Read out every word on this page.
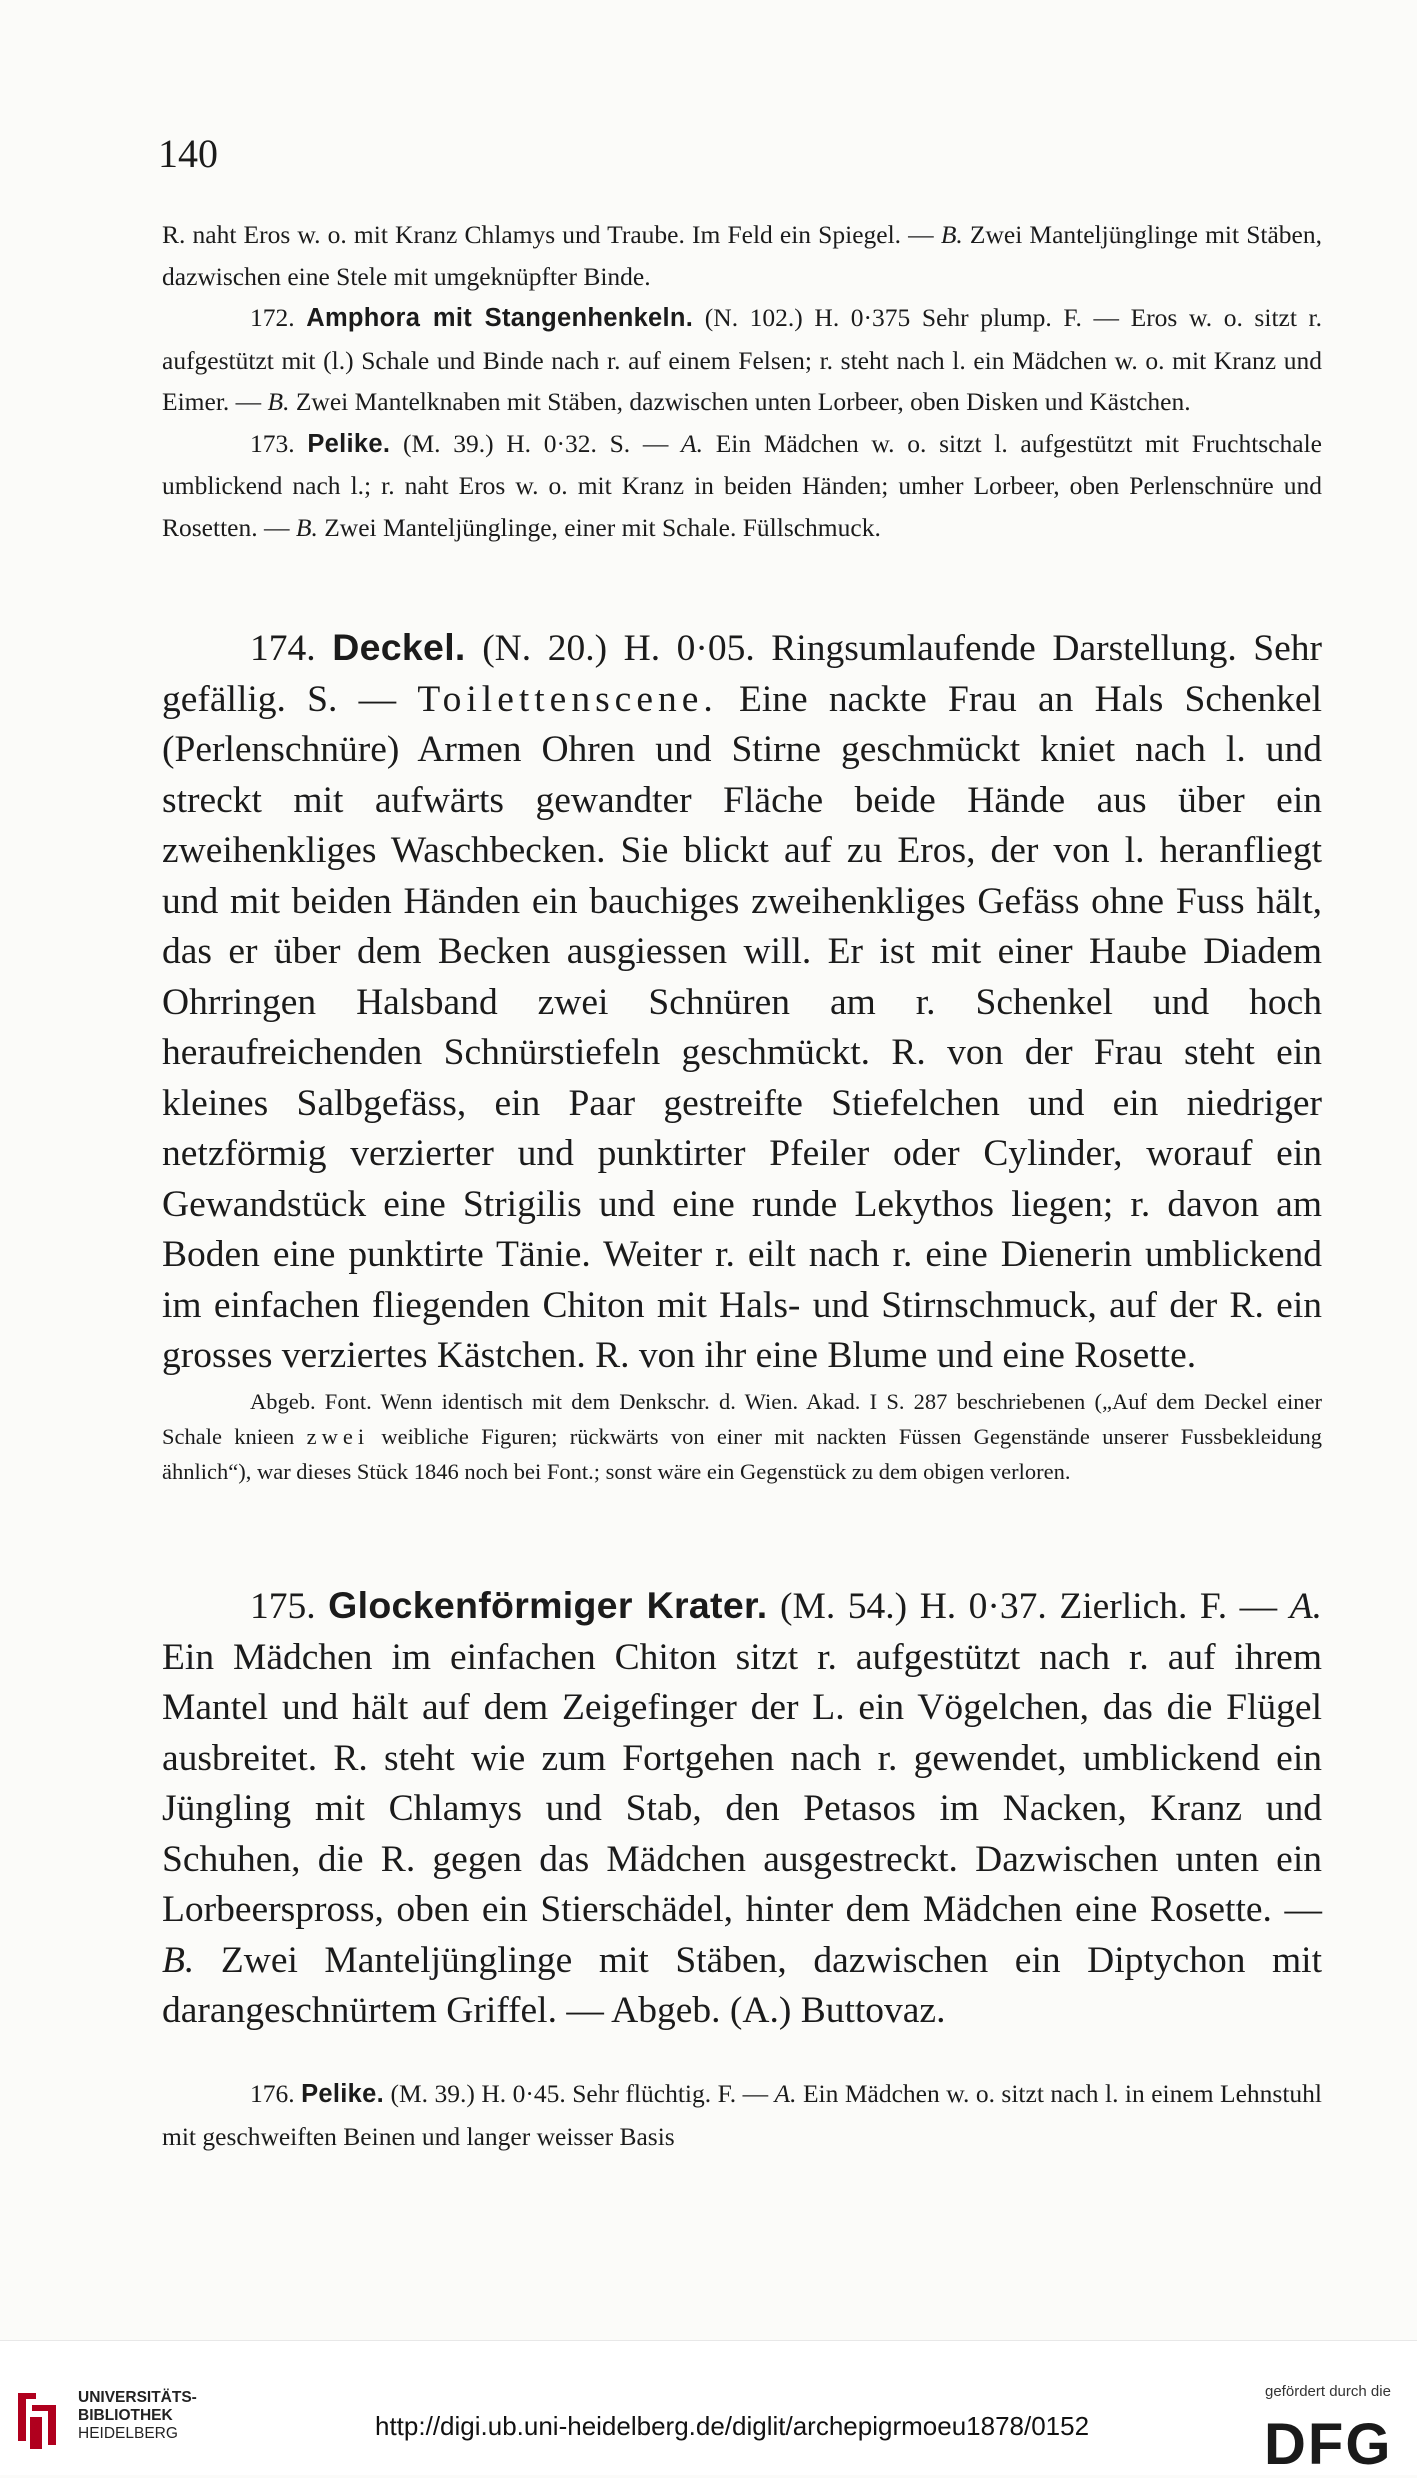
140

R. naht Eros w. o. mit Kranz Chlamys und Traube. Im Feld ein Spiegel. — B. Zwei Manteljünglinge mit Stäben, dazwischen eine Stele mit umgeknüpfter Binde.

172. Amphora mit Stangenhenkeln. (N. 102.) H. 0·375 Sehr plump. F. — Eros w. o. sitzt r. aufgestützt mit (l.) Schale und Binde nach r. auf einem Felsen; r. steht nach l. ein Mädchen w. o. mit Kranz und Eimer. — B. Zwei Mantelknaben mit Stäben, dazwischen unten Lorbeer, oben Disken und Kästchen.

173. Pelike. (M. 39.) H. 0·32. S. — A. Ein Mädchen w. o. sitzt l. aufgestützt mit Fruchtschale umblickend nach l.; r. naht Eros w. o. mit Kranz in beiden Händen; umher Lorbeer, oben Perlenschnüre und Rosetten. — B. Zwei Manteljünglinge, einer mit Schale. Füllschmuck.

174. Deckel. (N. 20.) H. 0·05. Ringsumlaufende Darstellung. Sehr gefällig. S. — Toilettenscene. Eine nackte Frau an Hals Schenkel (Perlenschnüre) Armen Ohren und Stirne geschmückt kniet nach l. und streckt mit aufwärts gewandter Fläche beide Hände aus über ein zweihenkliges Waschbecken. Sie blickt auf zu Eros, der von l. heranfliegt und mit beiden Händen ein bauchiges zweihenkliges Gefäss ohne Fuss hält, das er über dem Becken ausgiessen will. Er ist mit einer Haube Diadem Ohrringen Halsband zwei Schnüren am r. Schenkel und hoch heraufreichenden Schnürstiefeln geschmückt. R. von der Frau steht ein kleines Salbgefäss, ein Paar gestreifte Stiefelchen und ein niedriger netzförmig verzierter und punktirter Pfeiler oder Cylinder, worauf ein Gewandstück eine Strigilis und eine runde Lekythos liegen; r. davon am Boden eine punktirte Tänie. Weiter r. eilt nach r. eine Dienerin umblickend im einfachen fliegenden Chiton mit Hals- und Stirnschmuck, auf der R. ein grosses verziertes Kästchen. R. von ihr eine Blume und eine Rosette.

Abgeb. Font. Wenn identisch mit dem Denkschr. d. Wien. Akad. I S. 287 beschriebenen („Auf dem Deckel einer Schale knieen zwei weibliche Figuren; rückwärts von einer mit nackten Füssen Gegenstände unserer Fussbekleidung ähnlich“), war dieses Stück 1846 noch bei Font.; sonst wäre ein Gegenstück zu dem obigen verloren.

175. Glockenförmiger Krater. (M. 54.) H. 0·37. Zierlich. F. — A. Ein Mädchen im einfachen Chiton sitzt r. aufgestützt nach r. auf ihrem Mantel und hält auf dem Zeigefinger der L. ein Vögelchen, das die Flügel ausbreitet. R. steht wie zum Fortgehen nach r. gewendet, umblickend ein Jüngling mit Chlamys und Stab, den Petasos im Nacken, Kranz und Schuhen, die R. gegen das Mädchen ausgestreckt. Dazwischen unten ein Lorbeerspross, oben ein Stierschädel, hinter dem Mädchen eine Rosette. — B. Zwei Manteljünglinge mit Stäben, dazwischen ein Diptychon mit darangeschnürtem Griffel. — Abgeb. (A.) Buttovaz.

176. Pelike. (M. 39.) H. 0·45. Sehr flüchtig. F. — A. Ein Mädchen w. o. sitzt nach l. in einem Lehnstuhl mit geschweiften Beinen und langer weisser Basis

UNIVERSITÄTS-
BIBLIOTHEK
HEIDELBERG	http://digi.ub.uni-heidelberg.de/diglit/archepigrmoeu1878/0152
gefördert durch die
DFG
